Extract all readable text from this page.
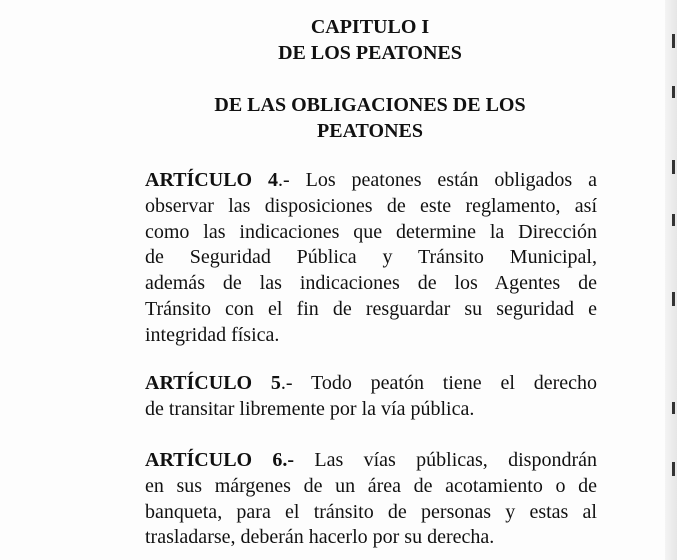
CAPITULO I
DE LOS PEATONES
DE LAS OBLIGACIONES DE LOS
PEATONES
ARTÍCULO 4.- Los peatones están obligados a
observar las disposiciones de este reglamento, así
como las indicaciones que determine la Dirección
de Seguridad Pública y Tránsito Municipal,
además de las indicaciones de los Agentes de
Tránsito con el fin de resguardar su seguridad e
integridad física.
ARTÍCULO 5.- Todo peatón tiene el derecho
de transitar libremente por la vía pública.
ARTÍCULO 6.- Las vías públicas, dispondrán
en sus márgenes de un área de acotamiento o de
banqueta, para el tránsito de personas y estas al
trasladarse, deberán hacerlo por su derecha.
